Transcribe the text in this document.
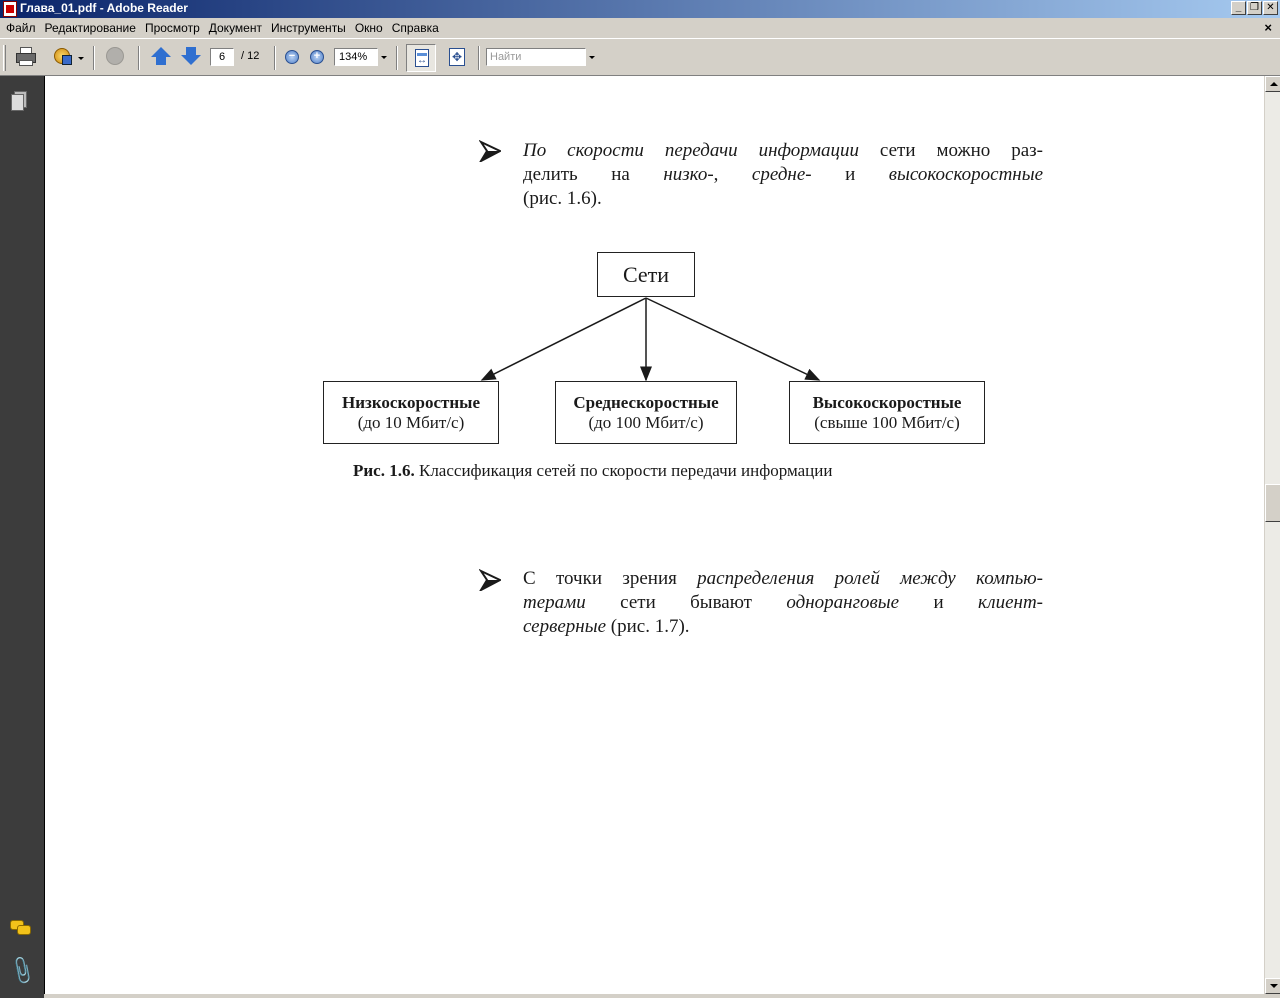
Глава_01.pdf - Adobe Reader	_ ❐ ✕
Файл Редактирование Просмотр Документ Инструменты Окно Справка	×
6	/ 12	−	+	134% ↔ ✥	Найти
📎
По скорости передачи информации сети можно раз-
делить на низко-, средне- и высокоскоростные
(рис. 1.6).
Сети
Низкоскоростные
(до 10 Мбит/с)
Среднескоростные
(до 100 Мбит/с)
Высокоскоростные
(свыше 100 Мбит/с)
Рис. 1.6. Классификация сетей по скорости передачи информации
С точки зрения распределения ролей между компью-
терами сети бывают одноранговые и клиент-
серверные (рис. 1.7).
